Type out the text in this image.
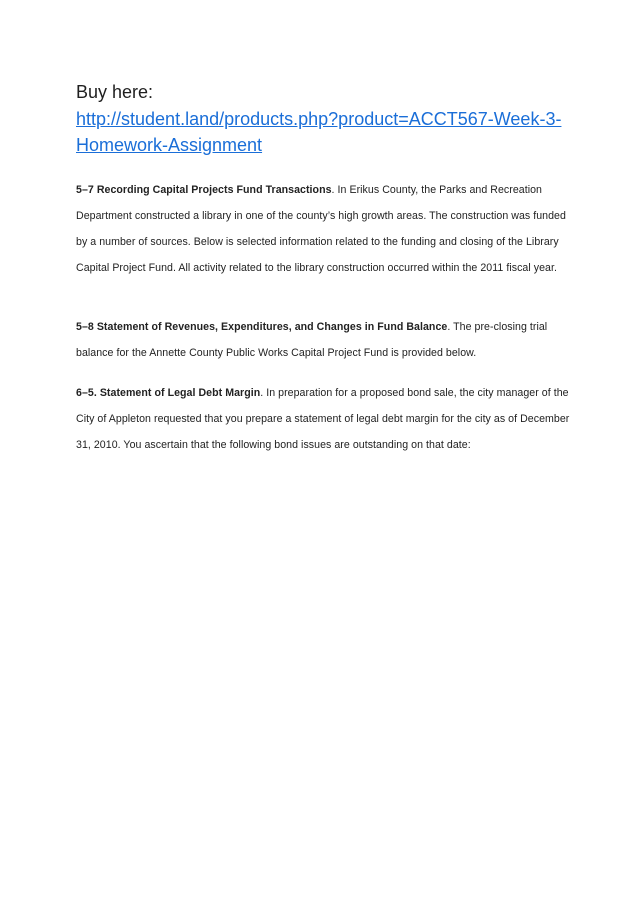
Buy here:
http://student.land/products.php?product=ACCT567-Week-3-Homework-Assignment
5–7 Recording Capital Projects Fund Transactions. In Erikus County, the Parks and Recreation Department constructed a library in one of the county’s high growth areas. The construction was funded by a number of sources. Below is selected information related to the funding and closing of the Library Capital Project Fund. All activity related to the library construction occurred within the 2011 fiscal year.
5–8 Statement of Revenues, Expenditures, and Changes in Fund Balance. The pre-closing trial balance for the Annette County Public Works Capital Project Fund is provided below.
6–5. Statement of Legal Debt Margin. In preparation for a proposed bond sale, the city manager of the City of Appleton requested that you prepare a statement of legal debt margin for the city as of December 31, 2010. You ascertain that the following bond issues are outstanding on that date:
